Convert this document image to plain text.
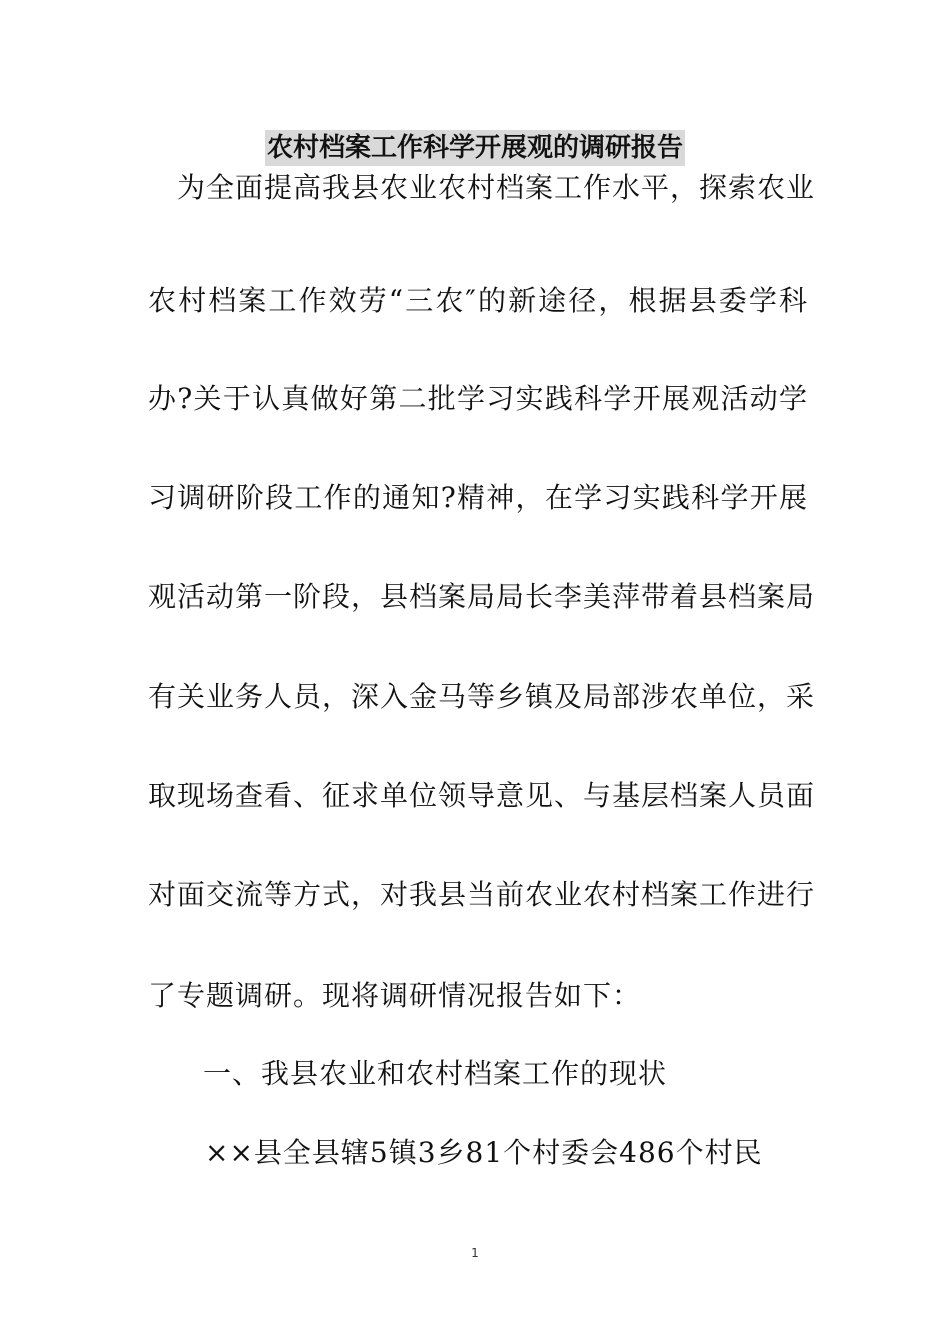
农村档案工作科学开展观的调研报告
　为全面提高我县农业农村档案工作水平，探索农业
农村档案工作效劳“三农″的新途径，根据县委学科
办?关于认真做好第二批学习实践科学开展观活动学
习调研阶段工作的通知?精神，在学习实践科学开展
观活动第一阶段，县档案局局长李美萍带着县档案局
有关业务人员，深入金马等乡镇及局部涉农单位，采
取现场查看、征求单位领导意见、与基层档案人员面
对面交流等方式，对我县当前农业农村档案工作进行
了专题调研。现将调研情况报告如下：
一、我县农业和农村档案工作的现状
××县全县辖5镇3乡81个村委会486个村民
1
